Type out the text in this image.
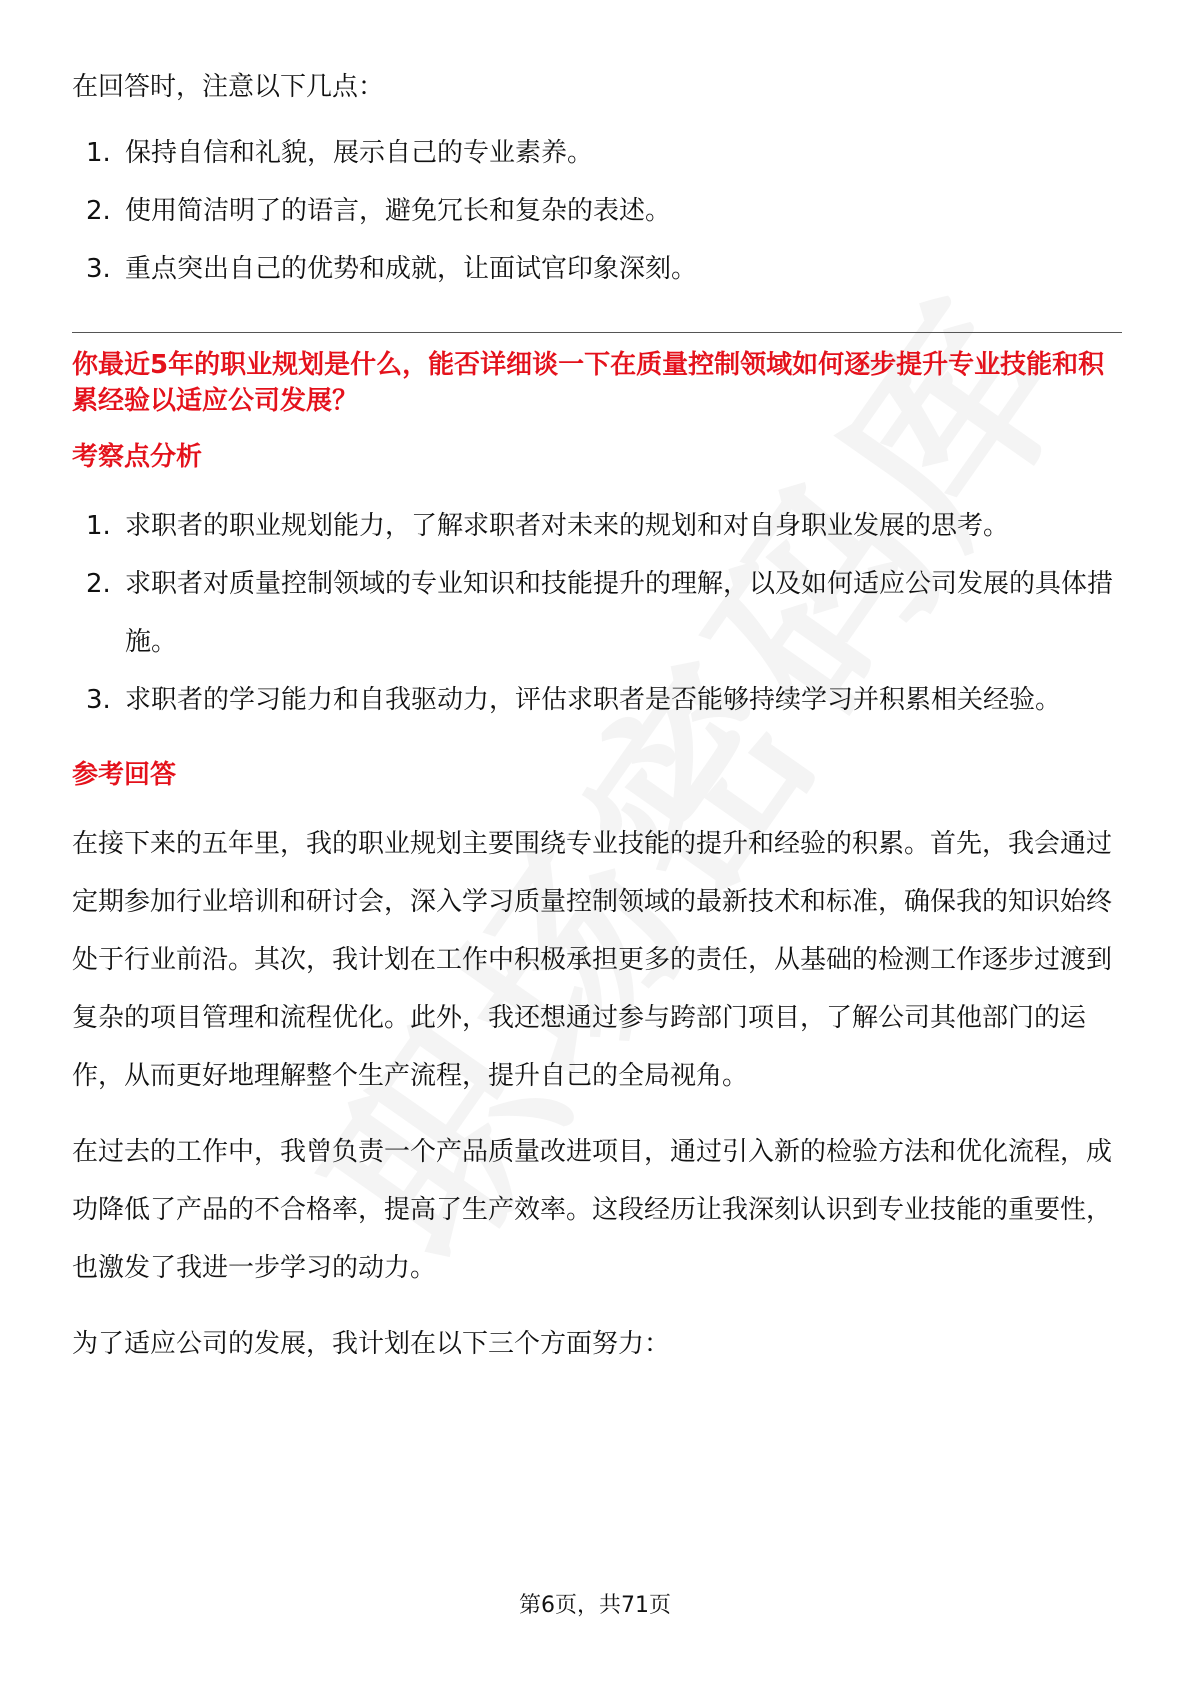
在回答时，注意以下几点：

1. 保持自信和礼貌，展示自己的专业素养。
2. 使用简洁明了的语言，避免冗长和复杂的表述。
3. 重点突出自己的优势和成就，让面试官印象深刻。
你最近5年的职业规划是什么，能否详细谈一下在质量控制领域如何逐步提升专业技能和积累经验以适应公司发展？
考察点分析
1. 求职者的职业规划能力，了解求职者对未来的规划和对自身职业发展的思考。
2. 求职者对质量控制领域的专业知识和技能提升的理解，以及如何适应公司发展的具体措施。
3. 求职者的学习能力和自我驱动力，评估求职者是否能够持续学习并积累相关经验。
参考回答

在接下来的五年里，我的职业规划主要围绕专业技能的提升和经验的积累。首先，我会通过定期参加行业培训和研讨会，深入学习质量控制领域的最新技术和标准，确保我的知识始终处于行业前沿。其次，我计划在工作中积极承担更多的责任，从基础的检测工作逐步过渡到复杂的项目管理和流程优化。此外，我还想通过参与跨部门项目，了解公司其他部门的运作，从而更好地理解整个生产流程，提升自己的全局视角。

在过去的工作中，我曾负责一个产品质量改进项目，通过引入新的检验方法和优化流程，成功降低了产品的不合格率，提高了生产效率。这段经历让我深刻认识到专业技能的重要性，也激发了我进一步学习的动力。

为了适应公司的发展，我计划在以下三个方面努力：

第6页，共71页
